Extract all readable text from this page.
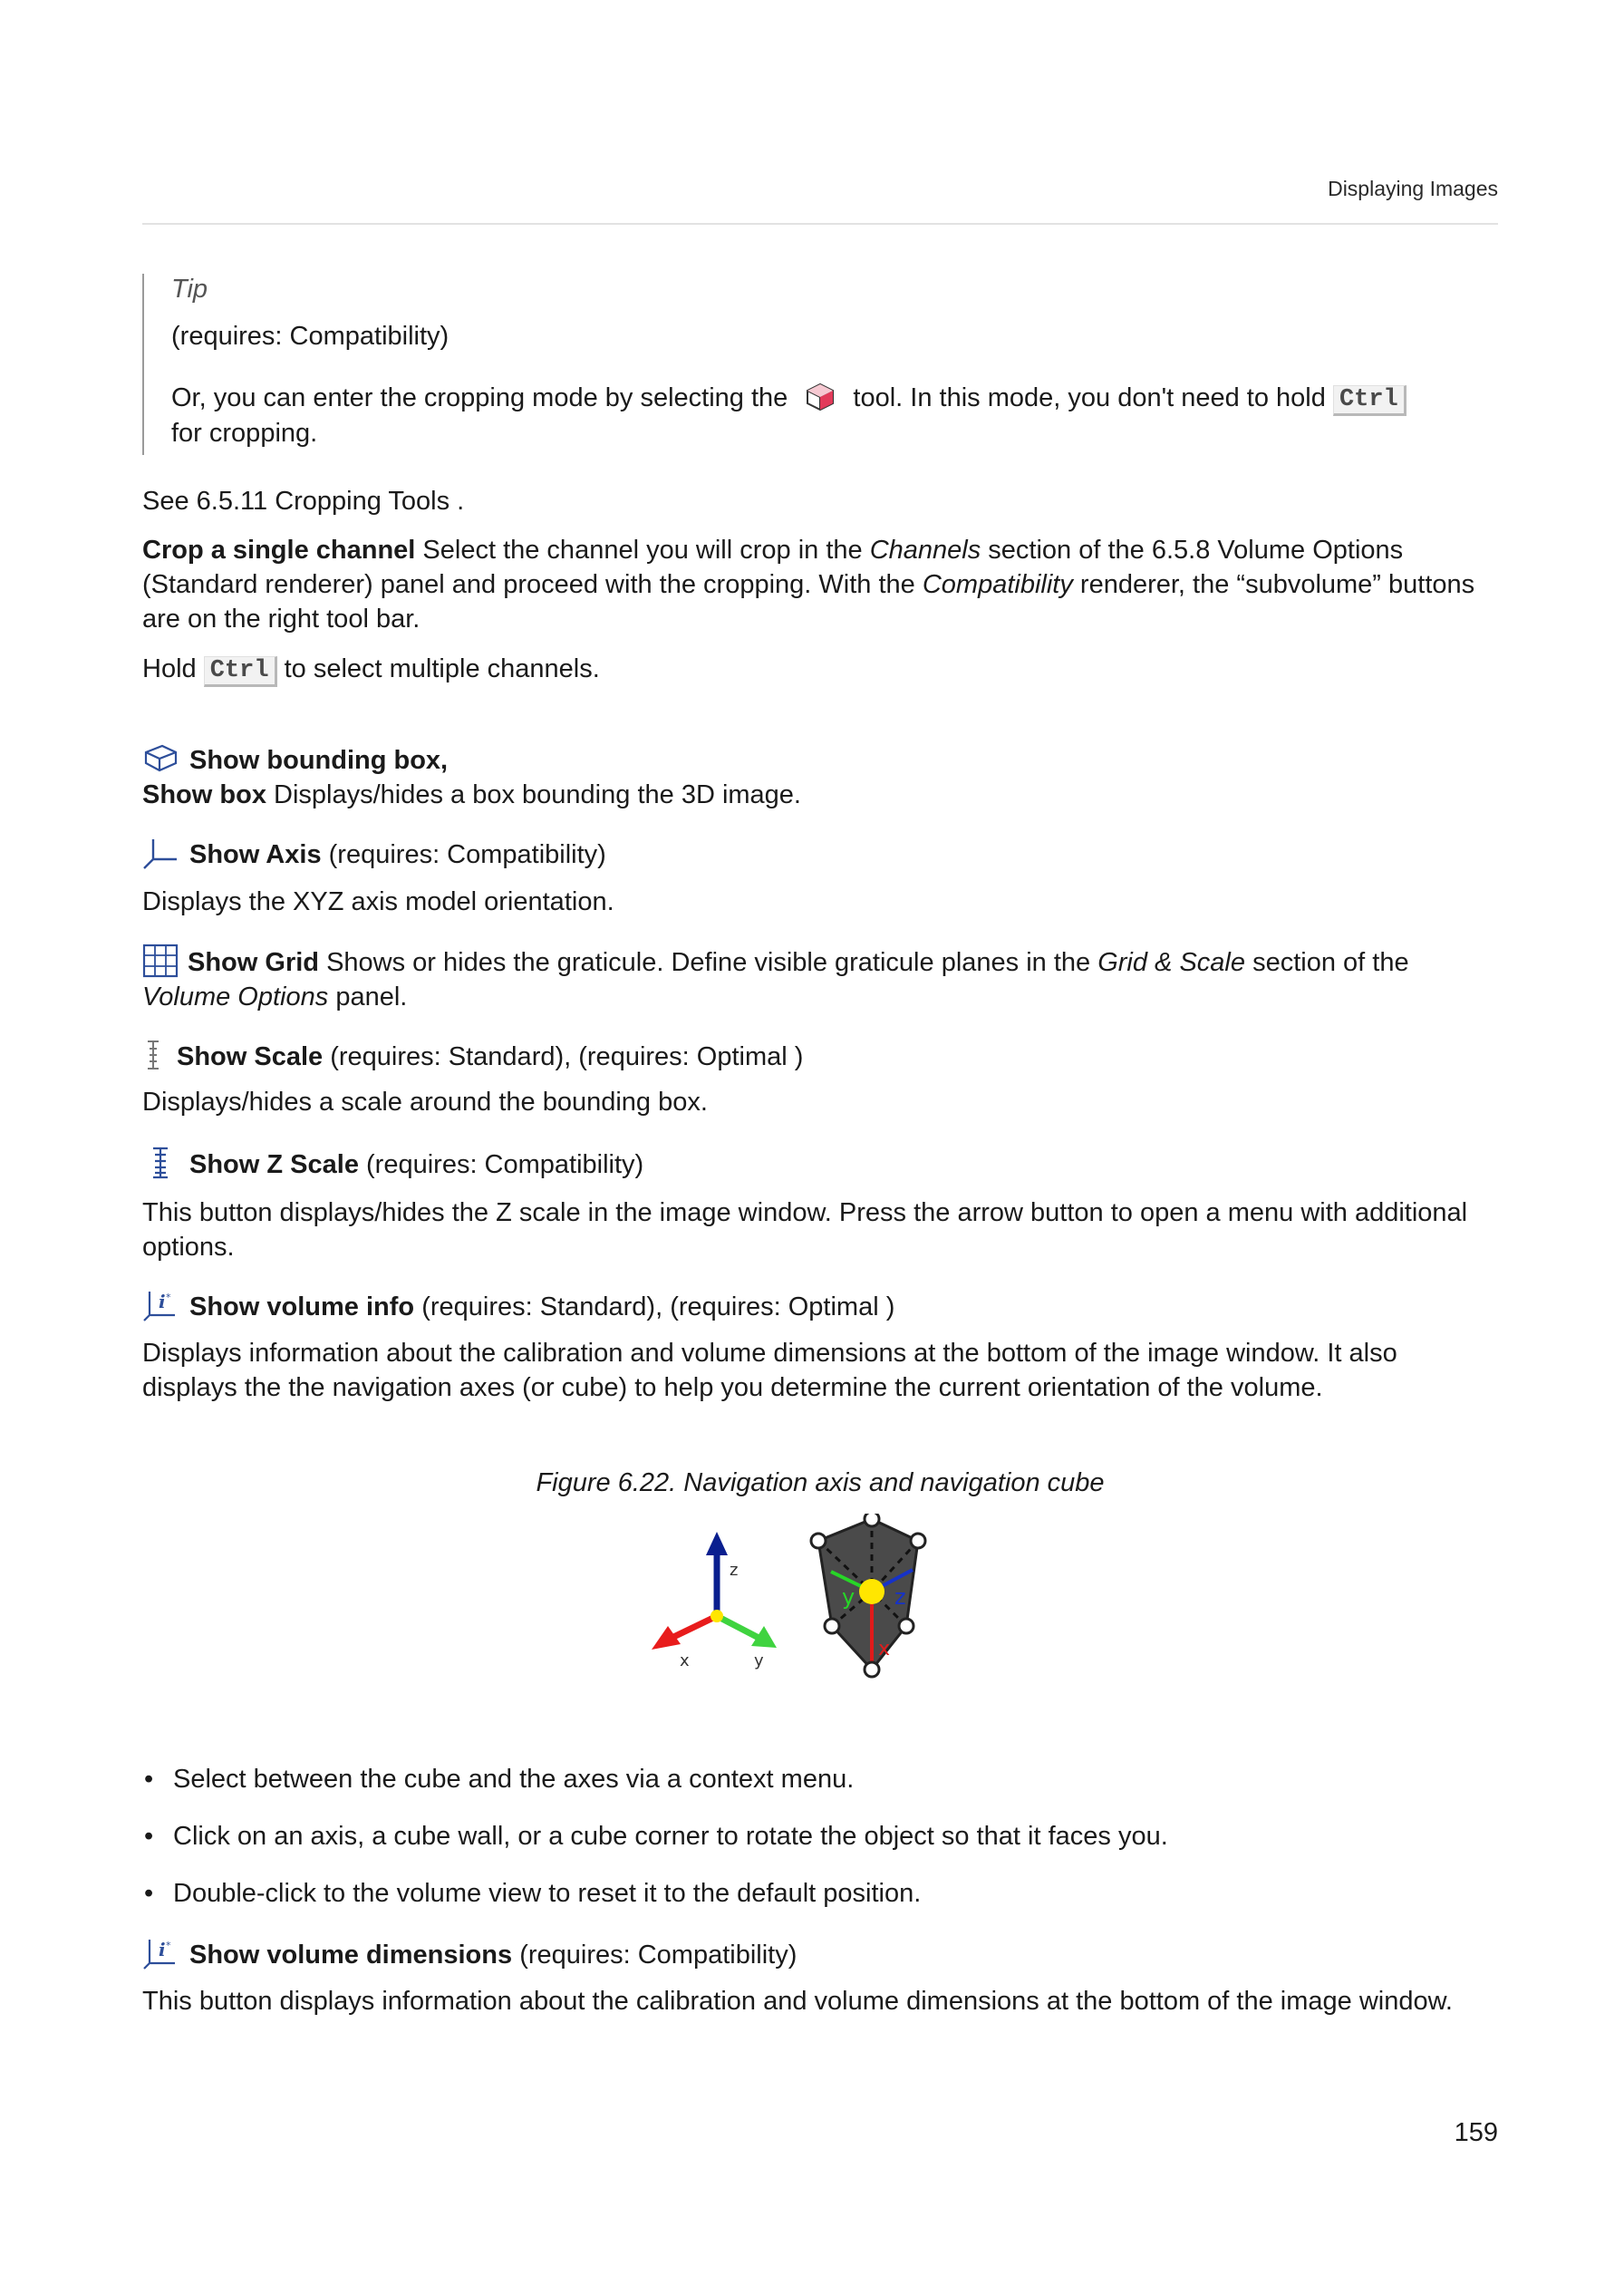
Displaying Images
Tip
(requires: Compatibility)
Or, you can enter the cropping mode by selecting the tool. In this mode, you don't need to hold Ctrl
for cropping.
See 6.5.11 Cropping Tools .
Crop a single channel Select the channel you will crop in the Channels section of the 6.5.8 Volume Options (Standard renderer) panel and proceed with the cropping. With the Compatibility renderer, the “subvolume” buttons are on the right tool bar.
Hold Ctrl to select multiple channels.
Show bounding box,
Show box Displays/hides a box bounding the 3D image.
Show Axis (requires: Compatibility)
Displays the XYZ axis model orientation.
Show Grid Shows or hides the graticule. Define visible graticule planes in the Grid & Scale section of the Volume Options panel.
Show Scale (requires: Standard), (requires: Optimal )
Displays/hides a scale around the bounding box.
Show Z Scale (requires: Compatibility)
This button displays/hides the Z scale in the image window. Press the arrow button to open a menu with additional options.
i * Show volume info (requires: Standard), (requires: Optimal )
Displays information about the calibration and volume dimensions at the bottom of the image window. It also displays the the navigation axes (or cube) to help you determine the current orientation of the volume.
Figure 6.22. Navigation axis and navigation cube
z
x	y
y z
x
• Select between the cube and the axes via a context menu.
• Click on an axis, a cube wall, or a cube corner to rotate the object so that it faces you.
• Double-click to the volume view to reset it to the default position.
i * Show volume dimensions (requires: Compatibility)
This button displays information about the calibration and volume dimensions at the bottom of the image window.
159
